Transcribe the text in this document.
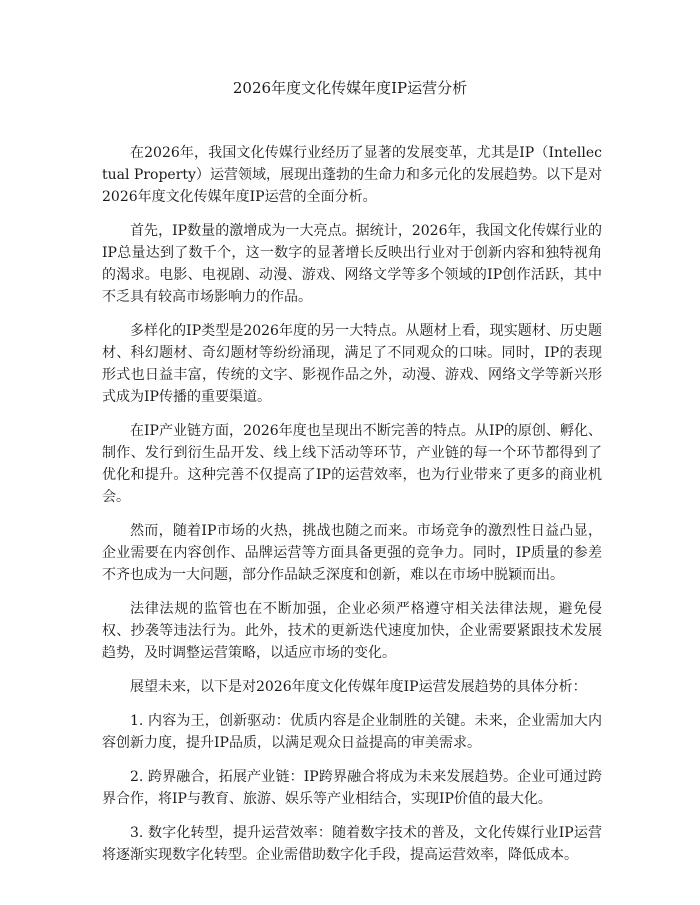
2026年度文化传媒年度IP运营分析

在2026年，我国文化传媒行业经历了显著的发展变革，尤其是IP（Intellectual Property）运营领域，展现出蓬勃的生命力和多元化的发展趋势。以下是对2026年度文化传媒年度IP运营的全面分析。

首先，IP数量的激增成为一大亮点。据统计，2026年，我国文化传媒行业的IP总量达到了数千个，这一数字的显著增长反映出行业对于创新内容和独特视角的渴求。电影、电视剧、动漫、游戏、网络文学等多个领域的IP创作活跃，其中不乏具有较高市场影响力的作品。

多样化的IP类型是2026年度的另一大特点。从题材上看，现实题材、历史题材、科幻题材、奇幻题材等纷纷涌现，满足了不同观众的口味。同时，IP的表现形式也日益丰富，传统的文字、影视作品之外，动漫、游戏、网络文学等新兴形式成为IP传播的重要渠道。

在IP产业链方面，2026年度也呈现出不断完善的特点。从IP的原创、孵化、制作、发行到衍生品开发、线上线下活动等环节，产业链的每一个环节都得到了优化和提升。这种完善不仅提高了IP的运营效率，也为行业带来了更多的商业机会。

然而，随着IP市场的火热，挑战也随之而来。市场竞争的激烈性日益凸显，企业需要在内容创作、品牌运营等方面具备更强的竞争力。同时，IP质量的参差不齐也成为一大问题，部分作品缺乏深度和创新，难以在市场中脱颖而出。

法律法规的监管也在不断加强，企业必须严格遵守相关法律法规，避免侵权、抄袭等违法行为。此外，技术的更新迭代速度加快，企业需要紧跟技术发展趋势，及时调整运营策略，以适应市场的变化。

展望未来，以下是对2026年度文化传媒年度IP运营发展趋势的具体分析：

1. 内容为王，创新驱动：优质内容是企业制胜的关键。未来，企业需加大内容创新力度，提升IP品质，以满足观众日益提高的审美需求。

2. 跨界融合，拓展产业链：IP跨界融合将成为未来发展趋势。企业可通过跨界合作，将IP与教育、旅游、娱乐等产业相结合，实现IP价值的最大化。

3. 数字化转型，提升运营效率：随着数字技术的普及，文化传媒行业IP运营将逐渐实现数字化转型。企业需借助数字化手段，提高运营效率，降低成本。
